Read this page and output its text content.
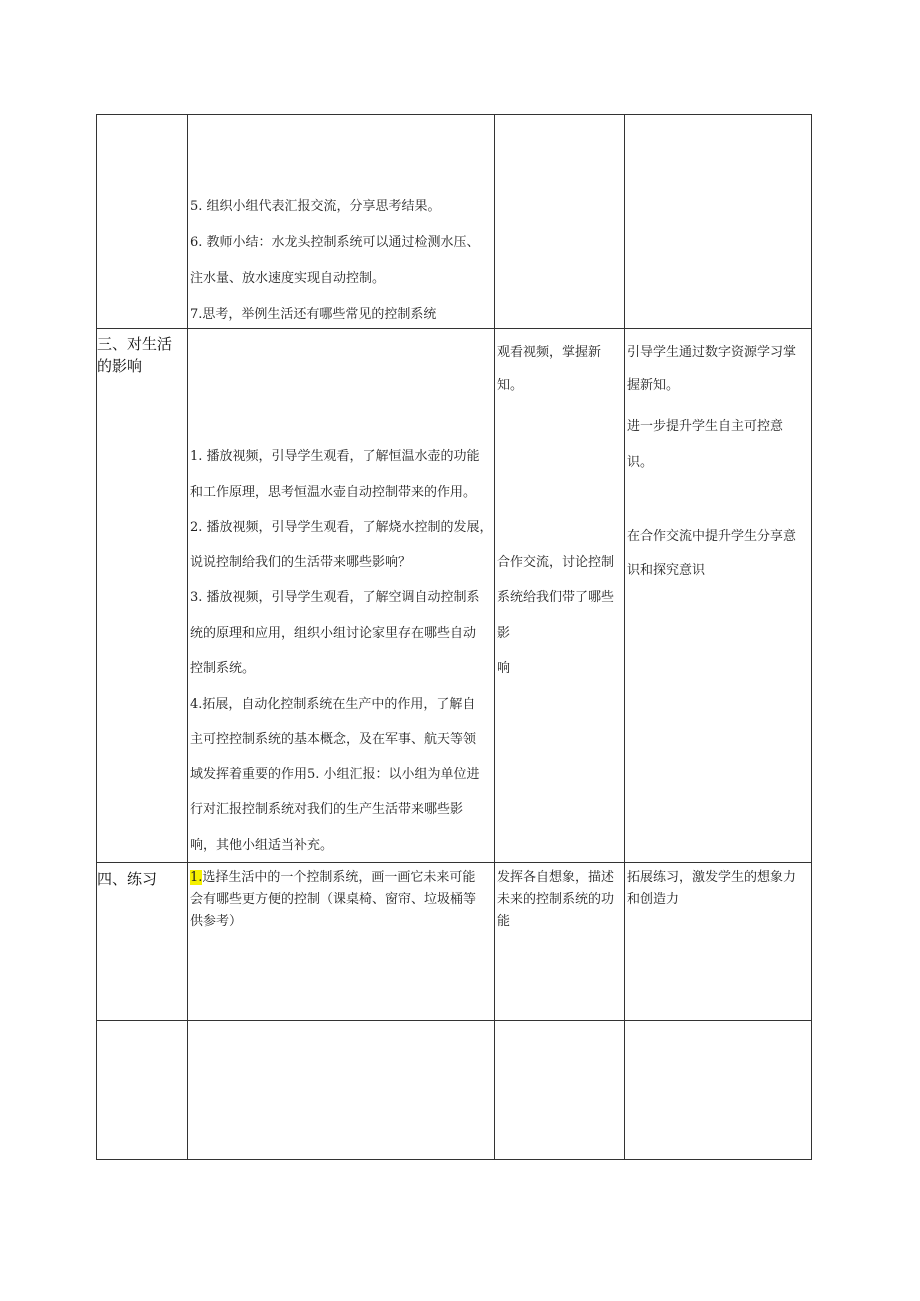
5. 组织小组代表汇报交流，分享思考结果。
6. 教师小结：水龙头控制系统可以通过检测水压、
注水量、放水速度实现自动控制。
7.思考，举例生活还有哪些常见的控制系统
三、对生活
的影响
1. 播放视频，引导学生观看，了解恒温水壶的功能
和工作原理，思考恒温水壶自动控制带来的作用。
2. 播放视频，引导学生观看，了解烧水控制的发展，
说说控制给我们的生活带来哪些影响？
3. 播放视频，引导学生观看，了解空调自动控制系
统的原理和应用，组织小组讨论家里存在哪些自动
控制系统。
4.拓展，自动化控制系统在生产中的作用，了解自
主可控控制系统的基本概念，及在军事、航天等领
域发挥着重要的作用5. 小组汇报：以小组为单位进
行对汇报控制系统对我们的生产生活带来哪些影
响，其他小组适当补充。
观看视频，掌握新
知。
合作交流，讨论控制
系统给我们带了哪些
影
响
引导学生通过数字资源学习掌
握新知。
进一步提升学生自主可控意
识。
在合作交流中提升学生分享意
识和探究意识
四、练习	1.选择生活中的一个控制系统，画一画它未来可能
会有哪些更方便的控制（课桌椅、窗帘、垃圾桶等
供参考）
发挥各自想象，描述
未来的控制系统的功
能
拓展练习，激发学生的想象力
和创造力
